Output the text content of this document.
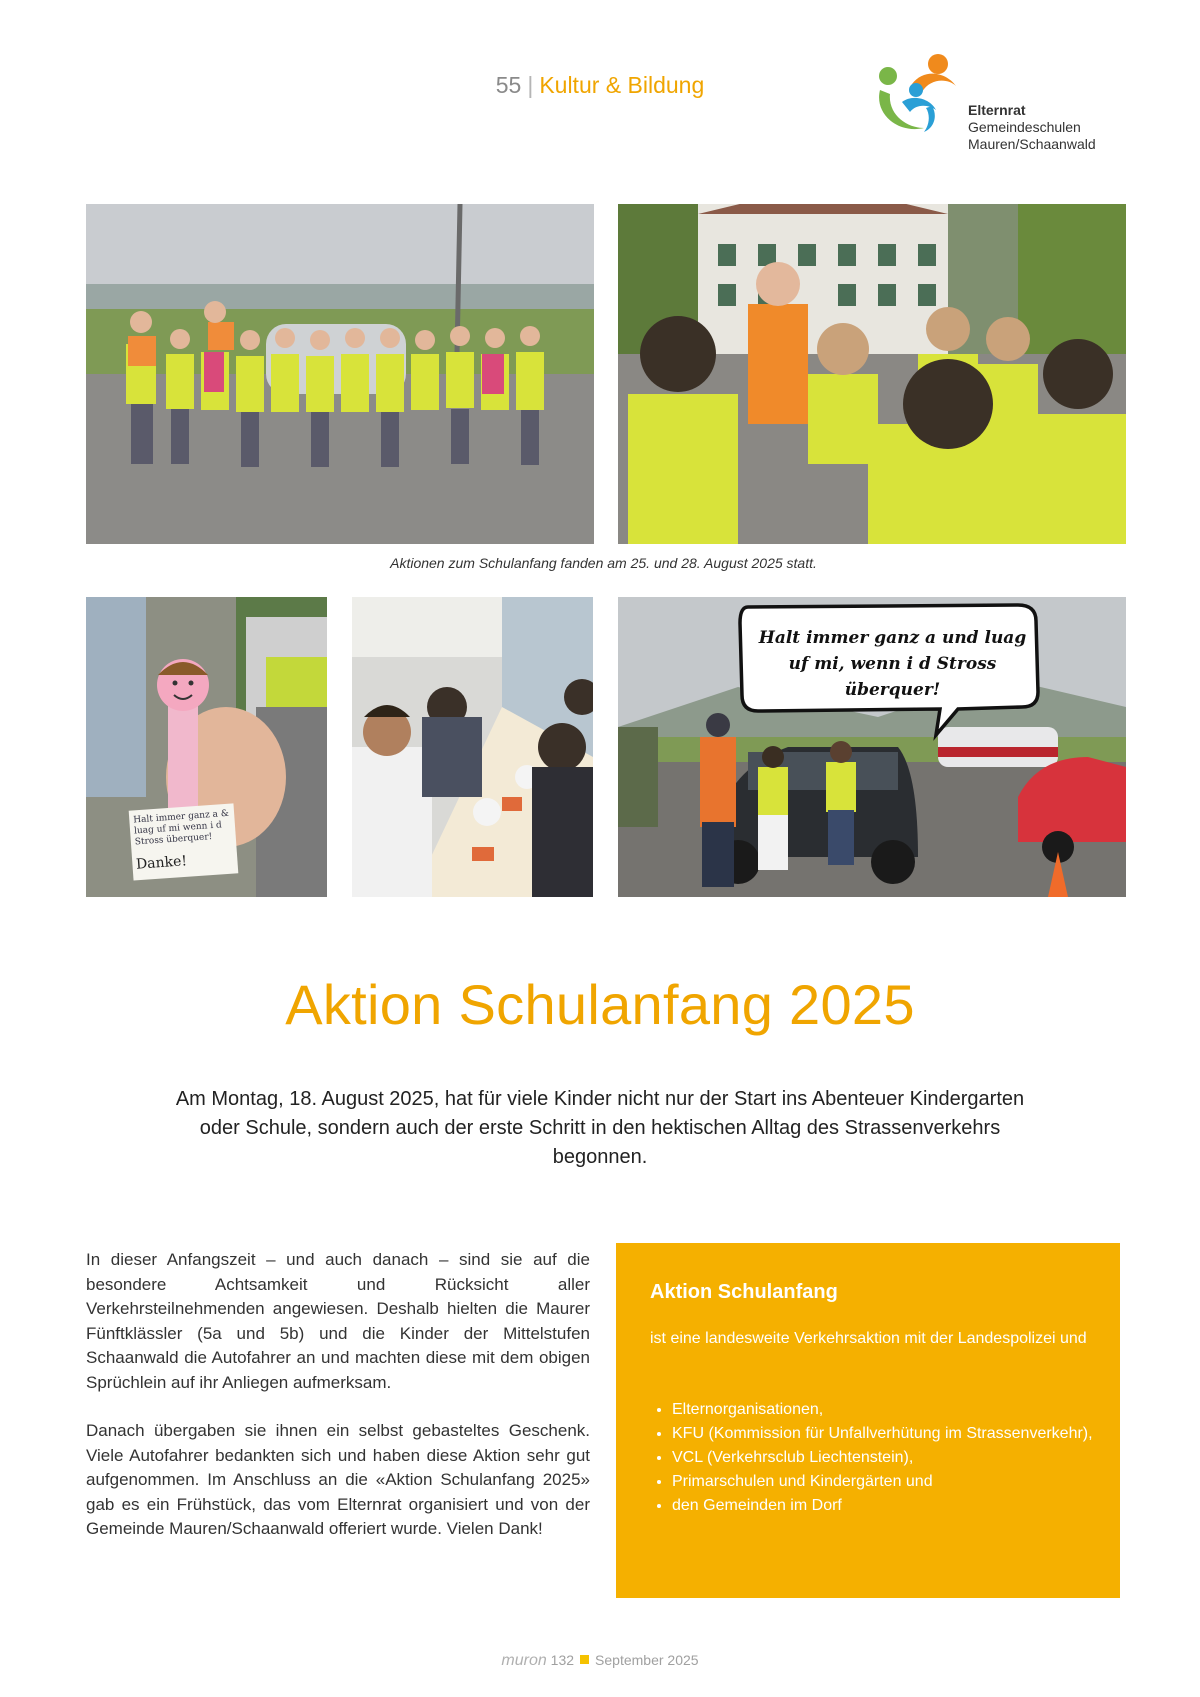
55 | Kultur & Bildung
Elternrat
Gemeindeschulen
Mauren/Schaanwald
Aktionen zum Schulanfang fanden am 25. und 28. August 2025 statt.
Halt immer ganz a & luag uf mi wenn i d Stross überquer!
Danke!
Halt immer ganz a und luag
uf mi, wenn i d Stross überquer!
Aktion Schulanfang 2025
Am Montag, 18. August 2025, hat für viele Kinder nicht nur der Start ins Abenteuer Kindergarten oder Schule, sondern auch der erste Schritt in den hektischen Alltag des Strassenverkehrs begonnen.

In dieser Anfangszeit – und auch danach – sind sie auf die besondere Achtsamkeit und Rücksicht aller Verkehrsteilnehmenden angewiesen. Deshalb hielten die Maurer Fünftklässler (5a und 5b) und die Kinder der Mittelstufen Schaanwald die Autofahrer an und machten diese mit dem obigen Sprüchlein auf ihr Anliegen aufmerksam.

Danach übergaben sie ihnen ein selbst gebasteltes Geschenk. Viele Autofahrer bedankten sich und haben diese Aktion sehr gut aufgenommen. Im Anschluss an die «Aktion Schulanfang 2025» gab es ein Frühstück, das vom Elternrat organisiert und von der Gemeinde Mauren/Schaanwald offeriert wurde. Vielen Dank!

Aktion Schulanfang
ist eine landesweite Verkehrsaktion mit der Landespolizei und
• Elternorganisationen,
• KFU (Kommission für Unfallverhütung im Strassenverkehr),
• VCL (Verkehrsclub Liechtenstein),
• Primarschulen und Kindergärten und
• den Gemeinden im Dorf
muron 132 September 2025
